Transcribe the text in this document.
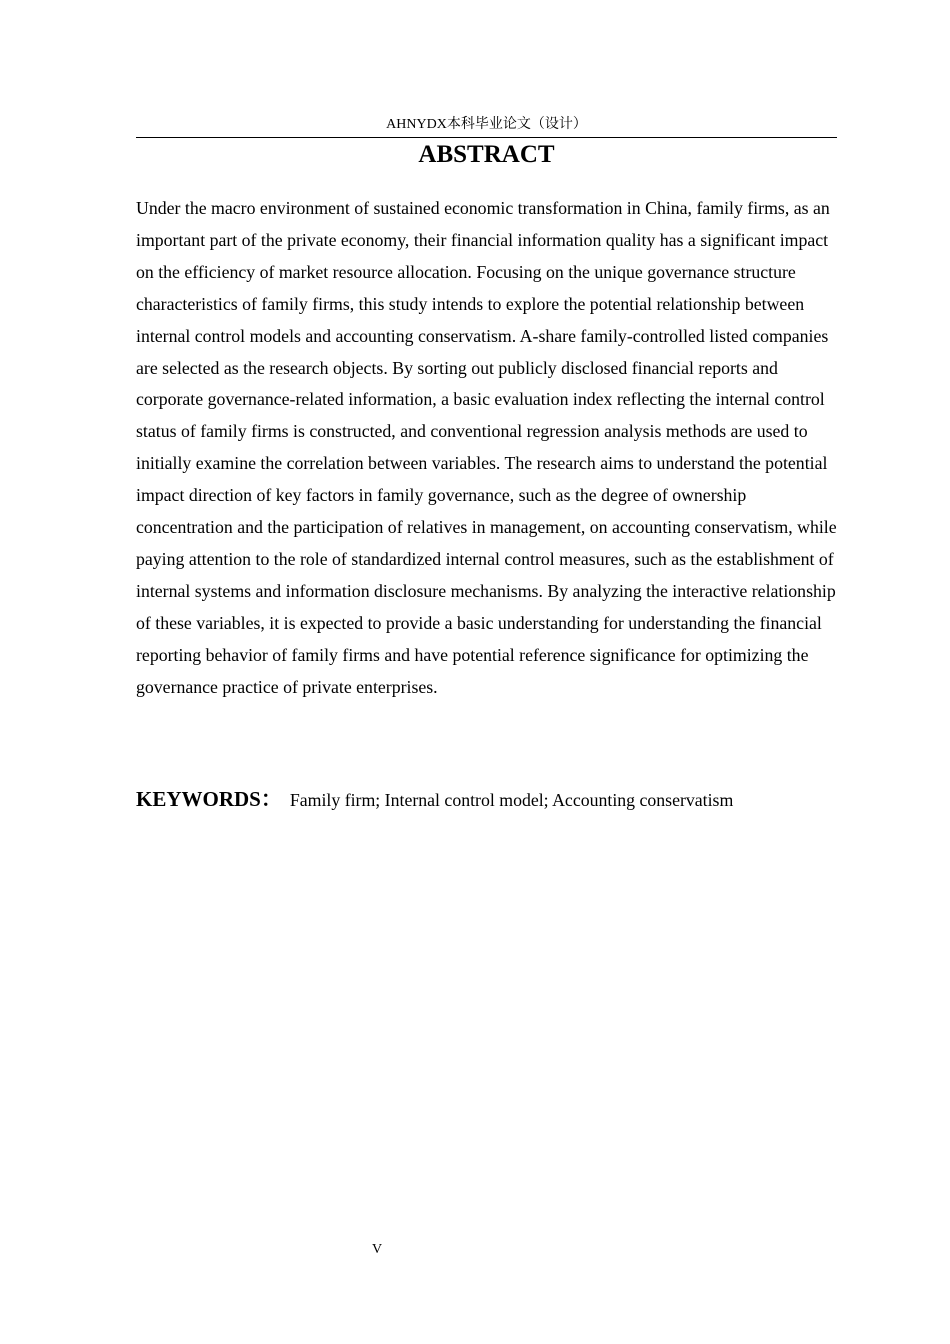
AHNYDX本科毕业论文（设计）
ABSTRACT

Under the macro environment of sustained economic transformation in China, family firms, as an important part of the private economy, their financial information quality has a significant impact on the efficiency of market resource allocation. Focusing on the unique governance structure characteristics of family firms, this study intends to explore the potential relationship between internal control models and accounting conservatism. A-share family-controlled listed companies are selected as the research objects. By sorting out publicly disclosed financial reports and corporate governance-related information, a basic evaluation index reflecting the internal control status of family firms is constructed, and conventional regression analysis methods are used to initially examine the correlation between variables. The research aims to understand the potential impact direction of key factors in family governance, such as the degree of ownership concentration and the participation of relatives in management, on accounting conservatism, while paying attention to the role of standardized internal control measures, such as the establishment of internal systems and information disclosure mechanisms. By analyzing the interactive relationship of these variables, it is expected to provide a basic understanding for understanding the financial reporting behavior of family firms and have potential reference significance for optimizing the governance practice of private enterprises.

KEYWORDS： Family firm; Internal control model; Accounting conservatism
V
